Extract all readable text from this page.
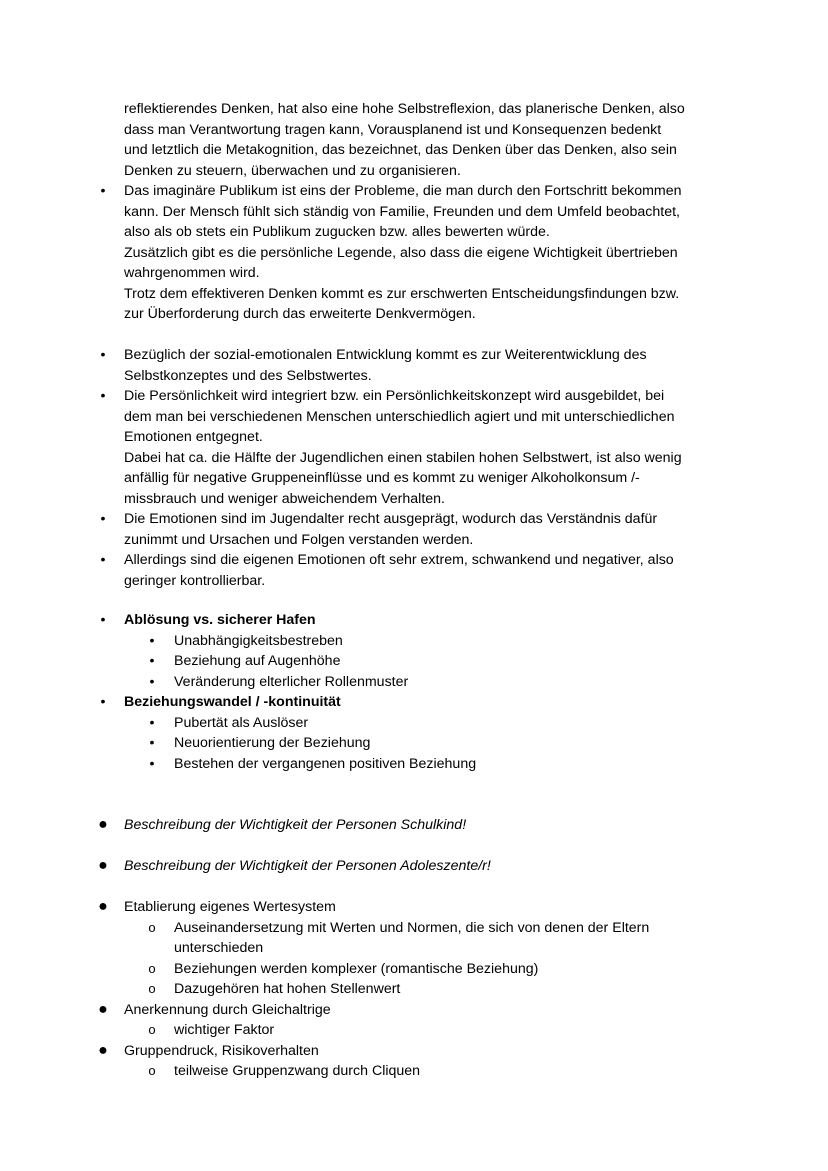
reflektierendes Denken, hat also eine hohe Selbstreflexion, das planerische Denken, also
dass man Verantwortung tragen kann, Vorausplanend ist und Konsequenzen bedenkt
und letztlich die Metakognition, das bezeichnet, das Denken über das Denken, also sein
Denken zu steuern, überwachen und zu organisieren.
• Das imaginäre Publikum ist eins der Probleme, die man durch den Fortschritt bekommen
kann. Der Mensch fühlt sich ständig von Familie, Freunden und dem Umfeld beobachtet,
also als ob stets ein Publikum zugucken bzw. alles bewerten würde.
Zusätzlich gibt es die persönliche Legende, also dass die eigene Wichtigkeit übertrieben
wahrgenommen wird.
Trotz dem effektiveren Denken kommt es zur erschwerten Entscheidungsfindungen bzw.
zur Überforderung durch das erweiterte Denkvermögen.
• Bezüglich der sozial-emotionalen Entwicklung kommt es zur Weiterentwicklung des
Selbstkonzeptes und des Selbstwertes.
• Die Persönlichkeit wird integriert bzw. ein Persönlichkeitskonzept wird ausgebildet, bei
dem man bei verschiedenen Menschen unterschiedlich agiert und mit unterschiedlichen
Emotionen entgegnet.
Dabei hat ca. die Hälfte der Jugendlichen einen stabilen hohen Selbstwert, ist also wenig
anfällig für negative Gruppeneinflüsse und es kommt zu weniger Alkoholkonsum /-
missbrauch und weniger abweichendem Verhalten.
• Die Emotionen sind im Jugendalter recht ausgeprägt, wodurch das Verständnis dafür
zunimmt und Ursachen und Folgen verstanden werden.
• Allerdings sind die eigenen Emotionen oft sehr extrem, schwankend und negativer, also
geringer kontrollierbar.
• Ablösung vs. sicherer Hafen
• Unabhängigkeitsbestreben
• Beziehung auf Augenhöhe
• Veränderung elterlicher Rollenmuster
• Beziehungswandel / -kontinuität
• Pubertät als Auslöser
• Neuorientierung der Beziehung
• Bestehen der vergangenen positiven Beziehung
● Beschreibung der Wichtigkeit der Personen Schulkind!
● Beschreibung der Wichtigkeit der Personen Adoleszente/r!
● Etablierung eigenes Wertesystem
o Auseinandersetzung mit Werten und Normen, die sich von denen der Eltern
unterschieden
o Beziehungen werden komplexer (romantische Beziehung)
o Dazugehören hat hohen Stellenwert
● Anerkennung durch Gleichaltrige
o wichtiger Faktor
● Gruppendruck, Risikoverhalten
o teilweise Gruppenzwang durch Cliquen
